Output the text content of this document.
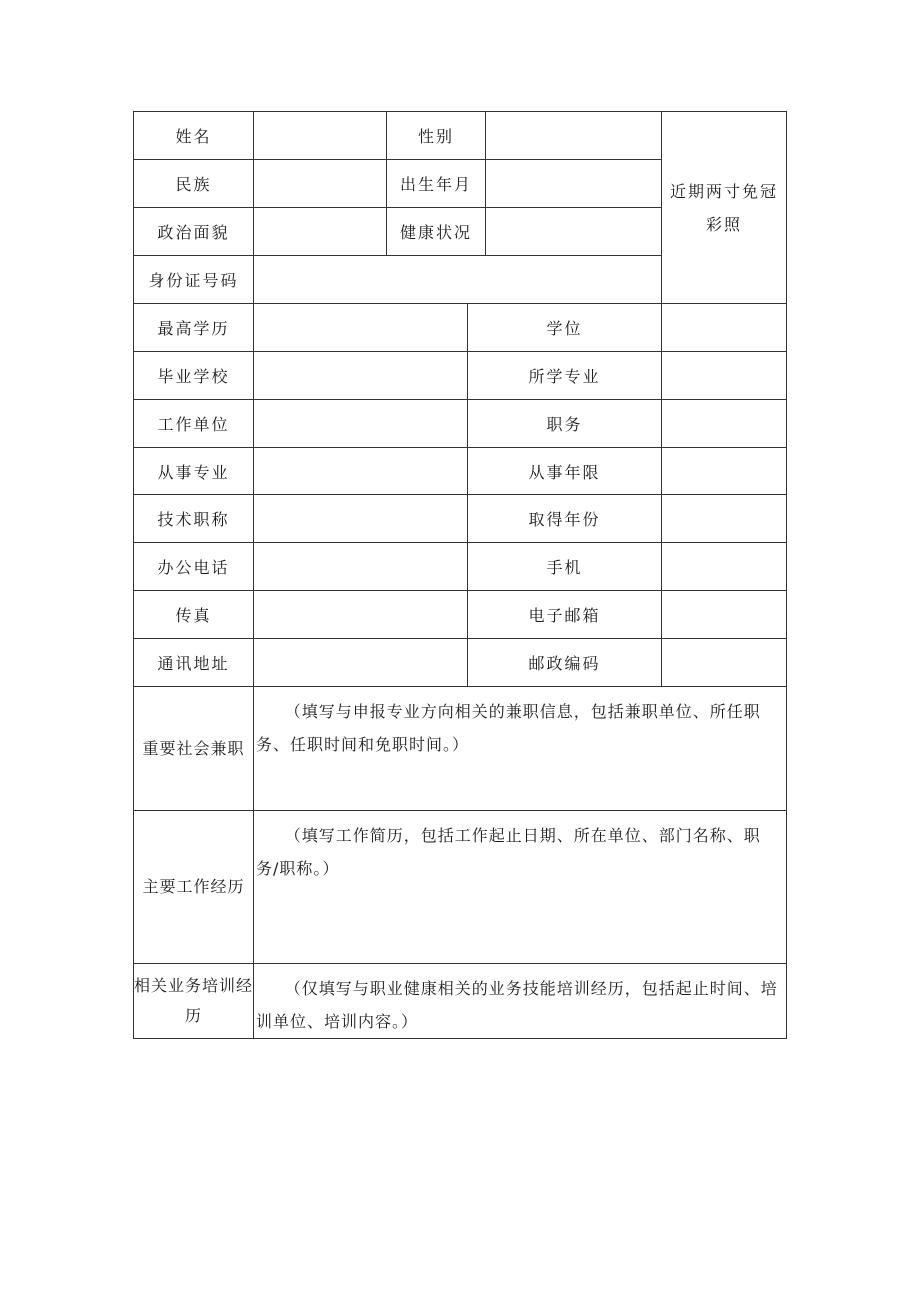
姓名		性别			近期两寸免冠彩照
民族		出生年月			
政治面貌		健康状况			
身份证号码					
最高学历			学位		
毕业学校			所学专业		
工作单位			职务		
从事专业			从事年限		
技术职称			取得年份		
办公电话			手机		
传真			电子邮箱		
通讯地址			邮政编码		
重要社会兼职	（填写与申报专业方向相关的兼职信息，包括兼职单位、所任职务、任职时间和免职时间。）				
主要工作经历	（填写工作简历，包括工作起止日期、所在单位、部门名称、职务/职称。）				
相关业务培训经历	（仅填写与职业健康相关的业务技能培训经历，包括起止时间、培训单位、培训内容。）				
